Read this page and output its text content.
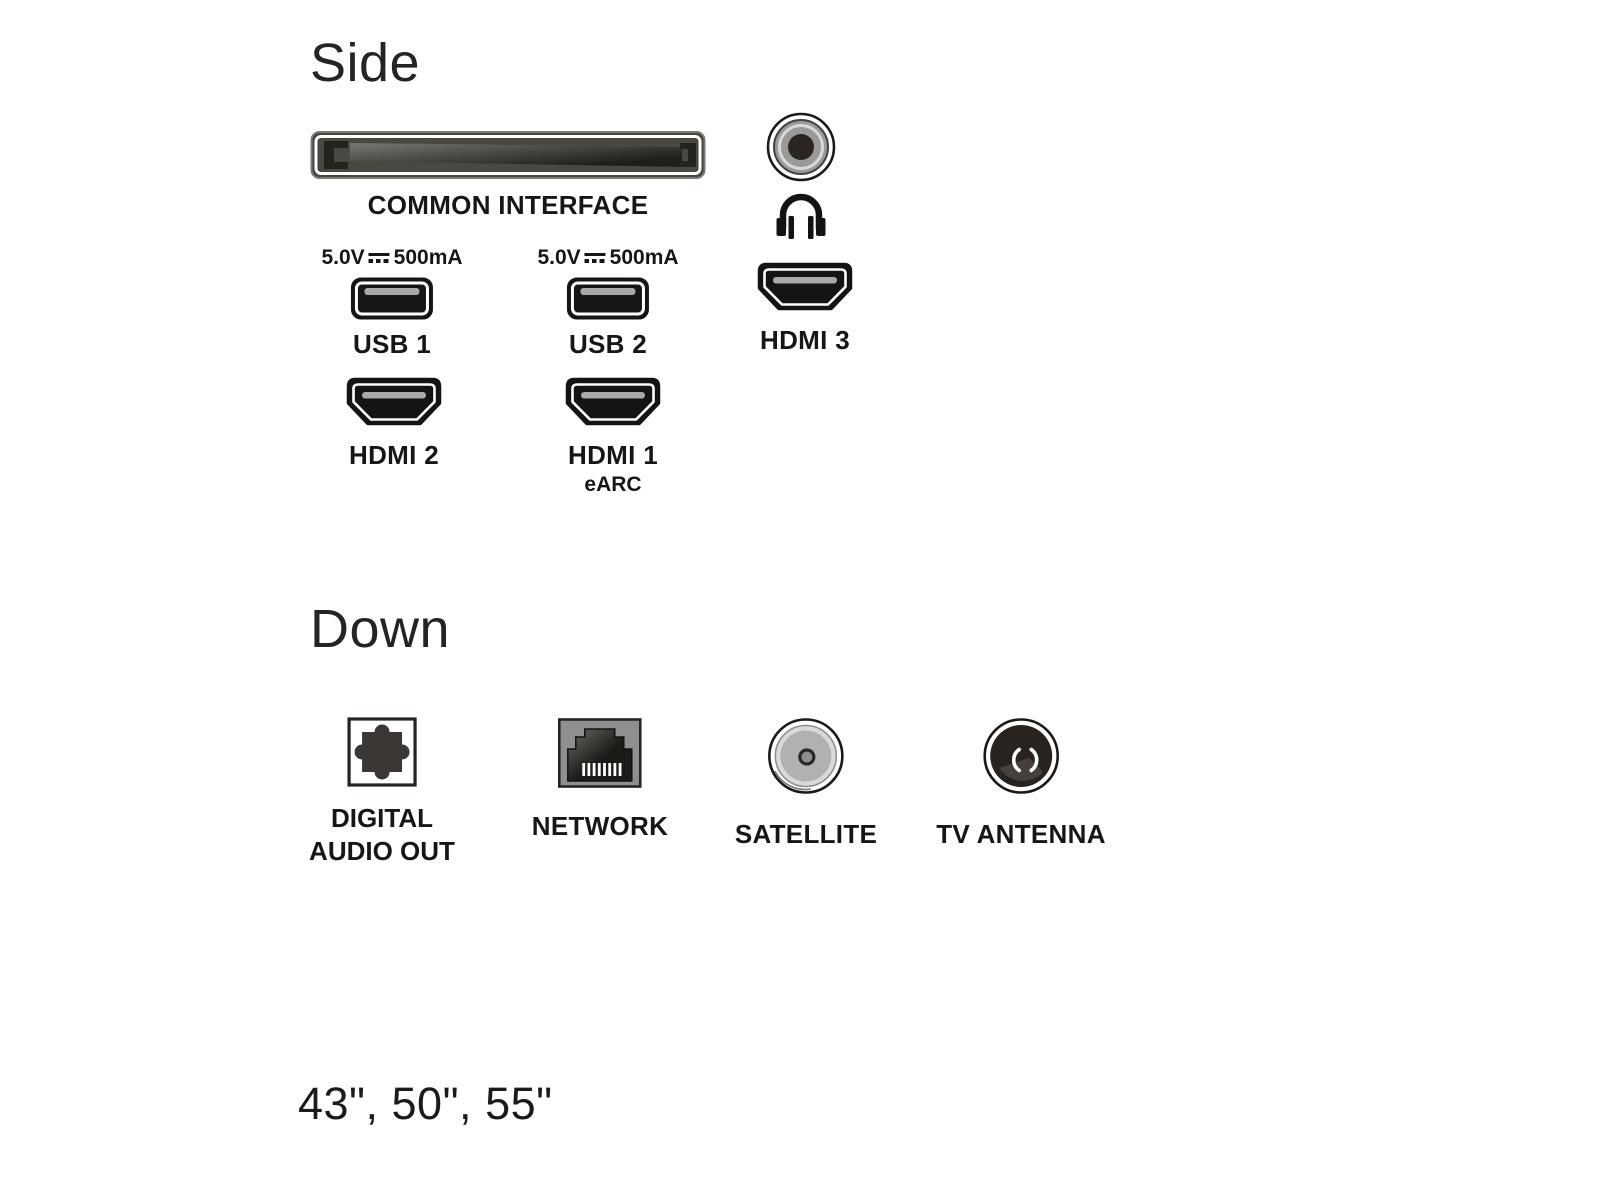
Side
COMMON INTERFACE
5.0V 500mA
USB 1
5.0V 500mA
USB 2	HDMI 3
HDMI 2	HDMI 1
eARC
Down
DIGITAL
AUDIO OUT
NETWORK	SATELLITE TV ANTENNA
43", 50", 55"
